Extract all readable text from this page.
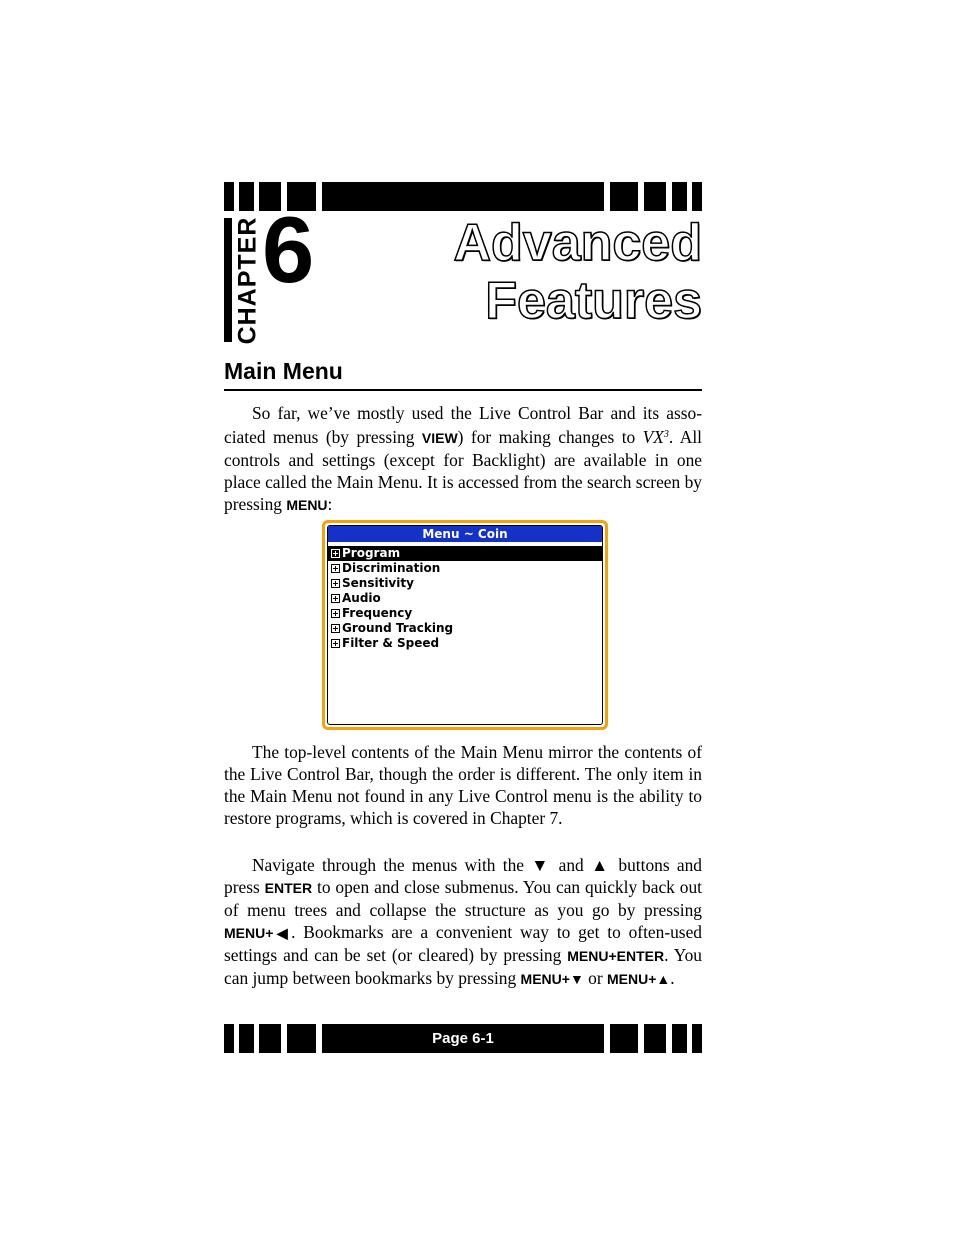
CHAPTER 6	Advanced
Features
Main Menu

So far, we’ve mostly used the Live Control Bar and its associated menus (by pressing VIEW) for making changes to $VX^3$. All controls and settings (except for Backlight) are available in one place called the Main Menu. It is accessed from the search screen by pressing MENU:

Menu ~ Coin
Program
Discrimination
Sensitivity
Audio
Frequency
Ground Tracking
Filter & Speed

The top-level contents of the Main Menu mirror the contents of the Live Control Bar, though the order is different. The only item in the Main Menu not found in any Live Control menu is the ability to restore programs, which is covered in Chapter 7.

Navigate through the menus with the ▼ and ▲ buttons and press ENTER to open and close submenus. You can quickly back out of menu trees and collapse the structure as you go by pressing MENU+◀. Bookmarks are a convenient way to get to often-used settings and can be set (or cleared) by pressing MENU+ENTER. You can jump between bookmarks by pressing MENU+▼ or MENU+▲.

Page 6-1
